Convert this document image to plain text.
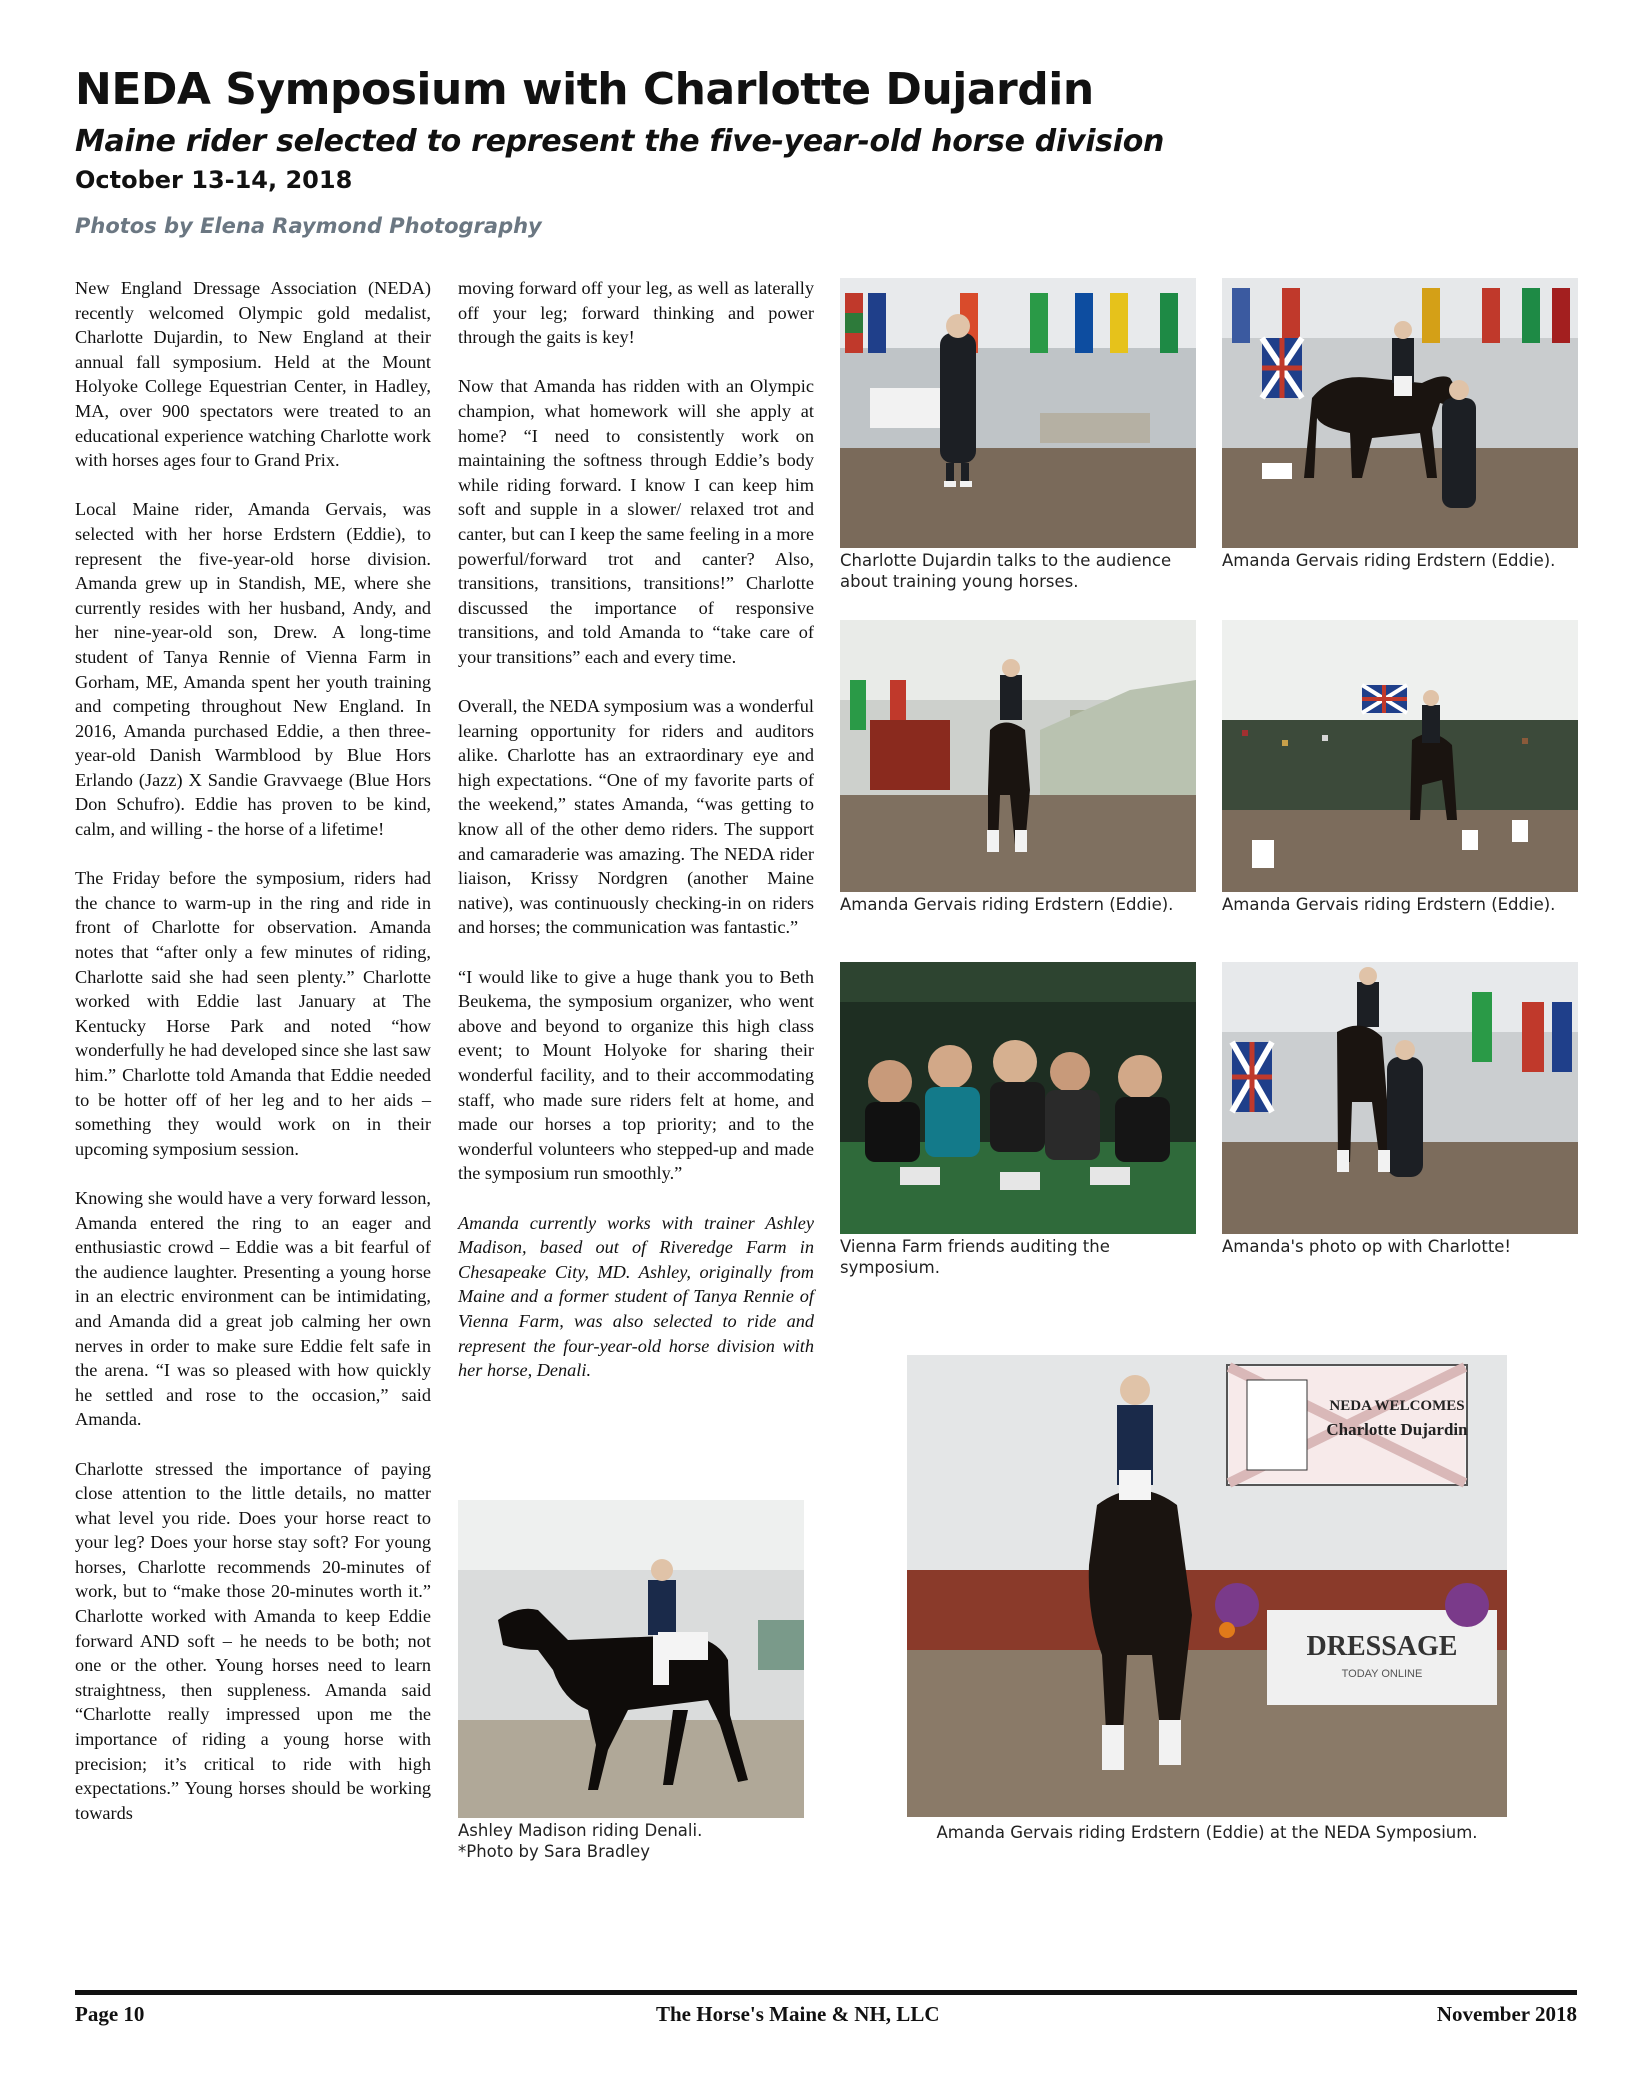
NEDA Symposium with Charlotte Dujardin
Maine rider selected to represent the five-year-old horse division
October 13-14, 2018
Photos by Elena Raymond Photography

New England Dressage Association (NEDA) recently welcomed Olympic gold medalist, Charlotte Dujardin, to New England at their annual fall symposium. Held at the Mount Holyoke College Equestrian Center, in Hadley, MA, over 900 spectators were treated to an educational experience watching Charlotte work with horses ages four to Grand Prix.

Local Maine rider, Amanda Gervais, was selected with her horse Erdstern (Eddie), to represent the five-year-old horse division. Amanda grew up in Standish, ME, where she currently resides with her husband, Andy, and her nine-year-old son, Drew. A long-time student of Tanya Rennie of Vienna Farm in Gorham, ME, Amanda spent her youth training and competing throughout New England. In 2016, Amanda purchased Eddie, a then three-year-old Danish Warmblood by Blue Hors Erlando (Jazz) X Sandie Gravvaege (Blue Hors Don Schufro). Eddie has proven to be kind, calm, and willing - the horse of a lifetime!

The Friday before the symposium, riders had the chance to warm-up in the ring and ride in front of Charlotte for observation. Amanda notes that “after only a few minutes of riding, Charlotte said she had seen plenty.” Charlotte worked with Eddie last January at The Kentucky Horse Park and noted “how wonderfully he had developed since she last saw him.” Charlotte told Amanda that Eddie needed to be hotter off of her leg and to her aids – something they would work on in their upcoming symposium session.

Knowing she would have a very forward lesson, Amanda entered the ring to an eager and enthusiastic crowd – Eddie was a bit fearful of the audience laughter. Presenting a young horse in an electric environment can be intimidating, and Amanda did a great job calming her own nerves in order to make sure Eddie felt safe in the arena. “I was so pleased with how quickly he settled and rose to the occasion,” said Amanda.

Charlotte stressed the importance of paying close attention to the little details, no matter what level you ride. Does your horse react to your leg? Does your horse stay soft? For young horses, Charlotte recommends 20-minutes of work, but to “make those 20-minutes worth it.” Charlotte worked with Amanda to keep Eddie forward AND soft – he needs to be both; not one or the other. Young horses need to learn straightness, then suppleness. Amanda said “Charlotte really impressed upon me the importance of riding a young horse with precision; it’s critical to ride with high expectations.” Young horses should be working towards

moving forward off your leg, as well as laterally off your leg; forward thinking and power through the gaits is key!

Now that Amanda has ridden with an Olympic champion, what homework will she apply at home? “I need to consistently work on maintaining the softness through Eddie’s body while riding forward. I know I can keep him soft and supple in a slower/ relaxed trot and canter, but can I keep the same feeling in a more powerful/forward trot and canter? Also, transitions, transitions, transitions!” Charlotte discussed the importance of responsive transitions, and told Amanda to “take care of your transitions” each and every time.

Overall, the NEDA symposium was a wonderful learning opportunity for riders and auditors alike. Charlotte has an extraordinary eye and high expectations. “One of my favorite parts of the weekend,” states Amanda, “was getting to know all of the other demo riders. The support and camaraderie was amazing. The NEDA rider liaison, Krissy Nordgren (another Maine native), was continuously checking-in on riders and horses; the communication was fantastic.”

“I would like to give a huge thank you to Beth Beukema, the symposium organizer, who went above and beyond to organize this high class event; to Mount Holyoke for sharing their wonderful facility, and to their accommodating staff, who made sure riders felt at home, and made our horses a top priority; and to the wonderful volunteers who stepped-up and made the symposium run smoothly.”

Amanda currently works with trainer Ashley Madison, based out of Riveredge Farm in Chesapeake City, MD. Ashley, originally from Maine and a former student of Tanya Rennie of Vienna Farm, was also selected to ride and represent the four-year-old horse division with her horse, Denali.

Charlotte Dujardin talks to the audience about training young horses.
Amanda Gervais riding Erdstern (Eddie).
Amanda Gervais riding Erdstern (Eddie).	Amanda Gervais riding Erdstern (Eddie).
Vienna Farm friends auditing the symposium.
Amanda's photo op with Charlotte!
Ashley Madison riding Denali.
*Photo by Sara Bradley
NEDA WELCOMES
Charlotte Dujardin
DRESSAGE
TODAY ONLINE
Amanda Gervais riding Erdstern (Eddie) at the NEDA Symposium.
Page 10	The Horse's Maine & NH, LLC	November 2018
